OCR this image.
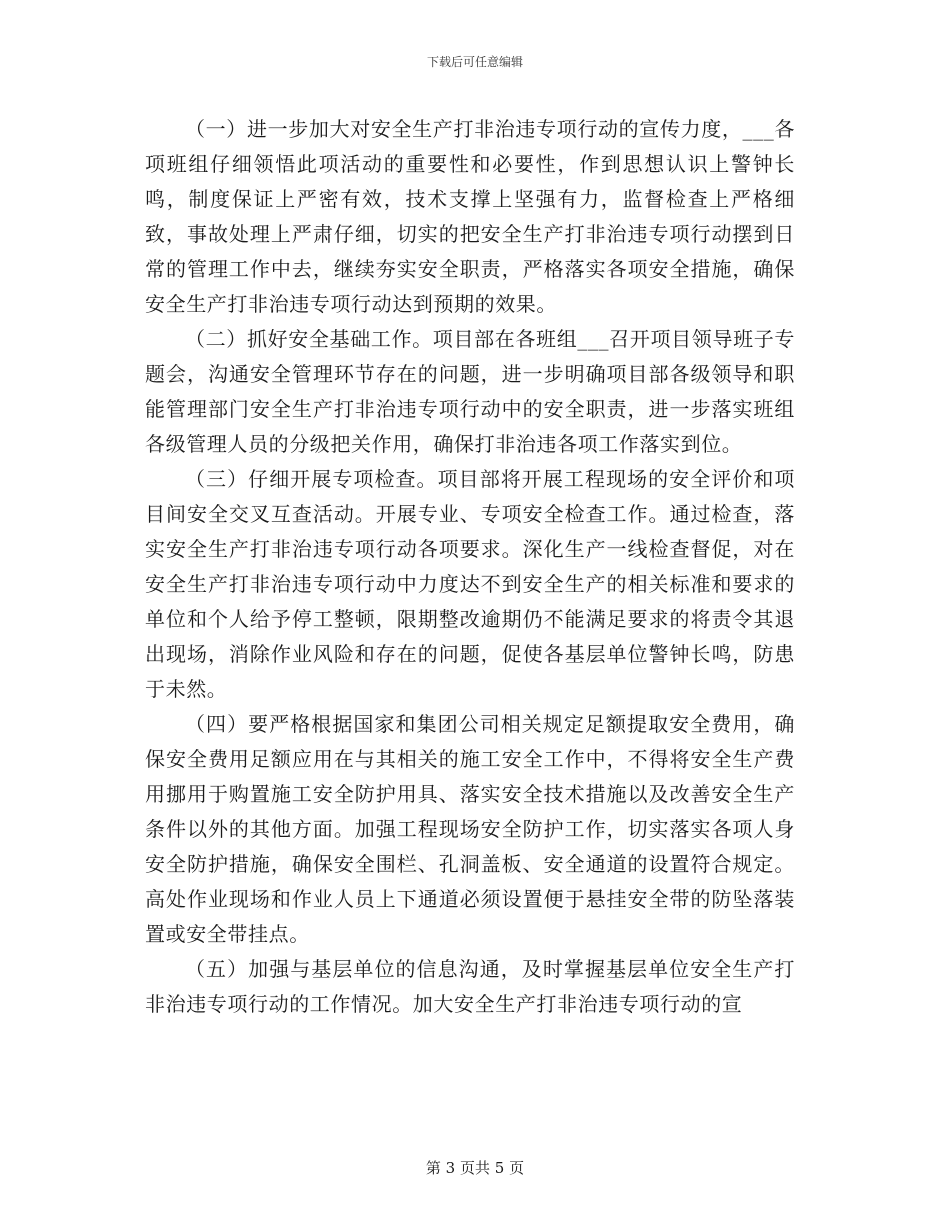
下载后可任意编辑

（一）进一步加大对安全生产打非治违专项行动的宣传力度，___各项班组仔细领悟此项活动的重要性和必要性，作到思想认识上警钟长鸣，制度保证上严密有效，技术支撑上坚强有力，监督检查上严格细致，事故处理上严肃仔细，切实的把安全生产打非治违专项行动摆到日常的管理工作中去，继续夯实安全职责，严格落实各项安全措施，确保安全生产打非治违专项行动达到预期的效果。

（二）抓好安全基础工作。项目部在各班组___召开项目领导班子专题会，沟通安全管理环节存在的问题，进一步明确项目部各级领导和职能管理部门安全生产打非治违专项行动中的安全职责，进一步落实班组各级管理人员的分级把关作用，确保打非治违各项工作落实到位。

（三）仔细开展专项检查。项目部将开展工程现场的安全评价和项目间安全交叉互查活动。开展专业、专项安全检查工作。通过检查，落实安全生产打非治违专项行动各项要求。深化生产一线检查督促，对在安全生产打非治违专项行动中力度达不到安全生产的相关标准和要求的单位和个人给予停工整顿，限期整改逾期仍不能满足要求的将责令其退出现场，消除作业风险和存在的问题，促使各基层单位警钟长鸣，防患于未然。

（四）要严格根据国家和集团公司相关规定足额提取安全费用，确保安全费用足额应用在与其相关的施工安全工作中，不得将安全生产费用挪用于购置施工安全防护用具、落实安全技术措施以及改善安全生产条件以外的其他方面。加强工程现场安全防护工作，切实落实各项人身安全防护措施，确保安全围栏、孔洞盖板、安全通道的设置符合规定。高处作业现场和作业人员上下通道必须设置便于悬挂安全带的防坠落装置或安全带挂点。

（五）加强与基层单位的信息沟通，及时掌握基层单位安全生产打非治违专项行动的工作情况。加大安全生产打非治违专项行动的宣

第 3 页共 5 页
